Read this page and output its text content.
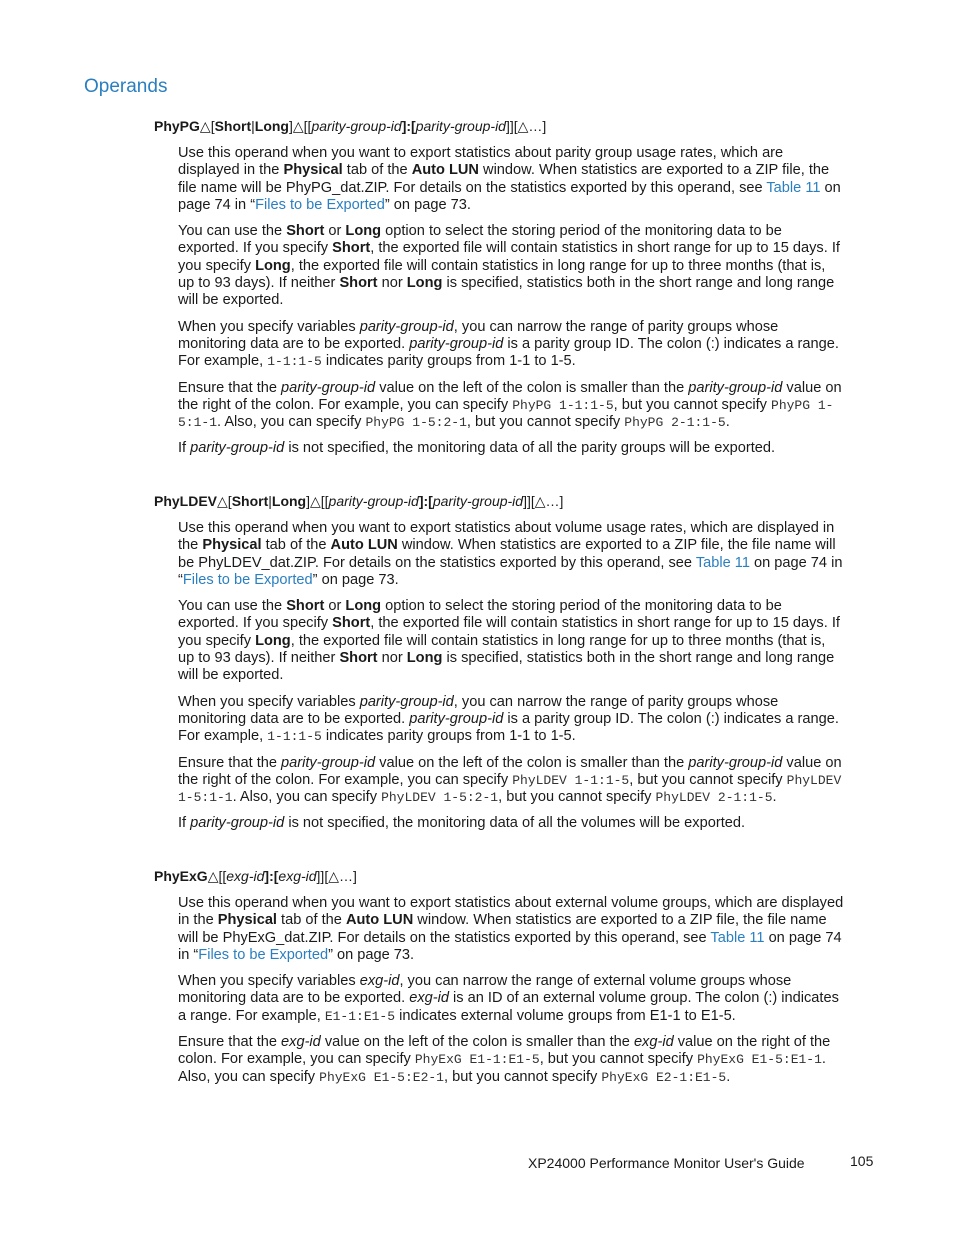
Operands
PhyPG△[Short|Long]△[[parity-group-id]:[parity-group-id]][△…]

Use this operand when you want to export statistics about parity group usage rates, which are displayed in the Physical tab of the Auto LUN window. When statistics are exported to a ZIP file, the file name will be PhyPG_dat.ZIP. For details on the statistics exported by this operand, see Table 11 on page 74 in “Files to be Exported” on page 73.

You can use the Short or Long option to select the storing period of the monitoring data to be exported. If you specify Short, the exported file will contain statistics in short range for up to 15 days. If you specify Long, the exported file will contain statistics in long range for up to three months (that is, up to 93 days). If neither Short nor Long is specified, statistics both in the short range and long range will be exported.

When you specify variables parity-group-id, you can narrow the range of parity groups whose monitoring data are to be exported. parity-group-id is a parity group ID. The colon (:) indicates a range. For example, 1-1:1-5 indicates parity groups from 1-1 to 1-5.

Ensure that the parity-group-id value on the left of the colon is smaller than the parity-group-id value on the right of the colon. For example, you can specify PhyPG 1-1:1-5, but you cannot specify PhyPG 1-5:1-1. Also, you can specify PhyPG 1-5:2-1, but you cannot specify PhyPG 2-1:1-5.

If parity-group-id is not specified, the monitoring data of all the parity groups will be exported.

PhyLDEV△[Short|Long]△[[parity-group-id]:[parity-group-id]][△…]

Use this operand when you want to export statistics about volume usage rates, which are displayed in the Physical tab of the Auto LUN window. When statistics are exported to a ZIP file, the file name will be PhyLDEV_dat.ZIP. For details on the statistics exported by this operand, see Table 11 on page 74 in “Files to be Exported” on page 73.

You can use the Short or Long option to select the storing period of the monitoring data to be exported. If you specify Short, the exported file will contain statistics in short range for up to 15 days. If you specify Long, the exported file will contain statistics in long range for up to three months (that is, up to 93 days). If neither Short nor Long is specified, statistics both in the short range and long range will be exported.

When you specify variables parity-group-id, you can narrow the range of parity groups whose monitoring data are to be exported. parity-group-id is a parity group ID. The colon (:) indicates a range. For example, 1-1:1-5 indicates parity groups from 1-1 to 1-5.

Ensure that the parity-group-id value on the left of the colon is smaller than the parity-group-id value on the right of the colon. For example, you can specify PhyLDEV 1-1:1-5, but you cannot specify PhyLDEV 1-5:1-1. Also, you can specify PhyLDEV 1-5:2-1, but you cannot specify PhyLDEV 2-1:1-5.

If parity-group-id is not specified, the monitoring data of all the volumes will be exported.

PhyExG△[[exg-id]:[exg-id]][△…]

Use this operand when you want to export statistics about external volume groups, which are displayed in the Physical tab of the Auto LUN window. When statistics are exported to a ZIP file, the file name will be PhyExG_dat.ZIP. For details on the statistics exported by this operand, see Table 11 on page 74 in “Files to be Exported” on page 73.

When you specify variables exg-id, you can narrow the range of external volume groups whose monitoring data are to be exported. exg-id is an ID of an external volume group. The colon (:) indicates a range. For example, E1-1:E1-5 indicates external volume groups from E1-1 to E1-5.

Ensure that the exg-id value on the left of the colon is smaller than the exg-id value on the right of the colon. For example, you can specify PhyExG E1-1:E1-5, but you cannot specify PhyExG E1-5:E1-1. Also, you can specify PhyExG E1-5:E2-1, but you cannot specify PhyExG E2-1:E1-5.

XP24000 Performance Monitor User's Guide	105
